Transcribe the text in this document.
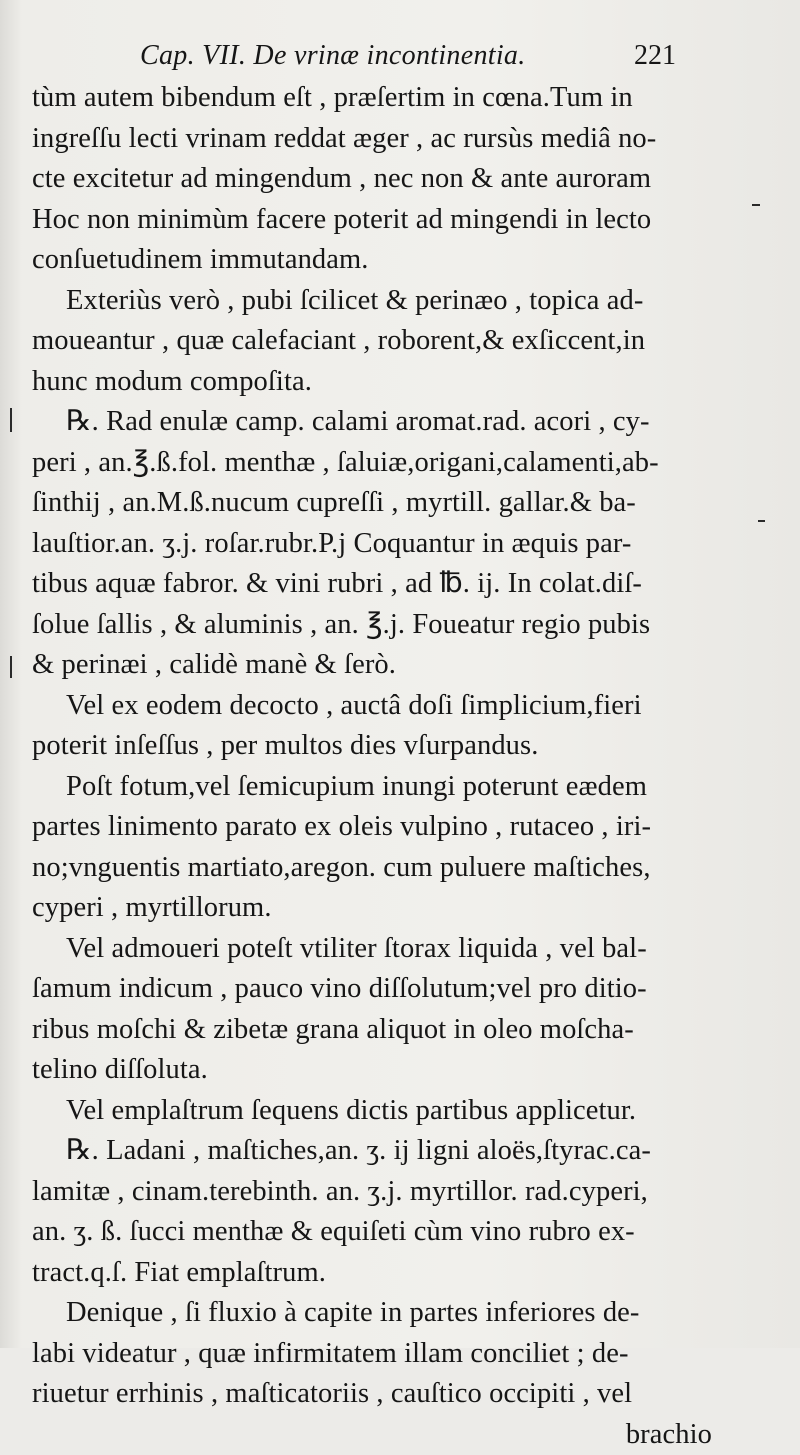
Cap. VII. De vrinæ incontinentia.	221
tùm autem bibendum eſt , præſertim in cœna.Tum in
ingreſſu lecti vrinam reddat æger , ac rursùs mediâ no-
cte excitetur ad mingendum , nec non & ante auroram
Hoc non minimùm facere poterit ad mingendi in lecto
conſuetudinem immutandam.
Exteriùs verò , pubi ſcilicet & perinæo , topica ad-
moueantur , quæ calefaciant , roborent,& exſiccent,in
hunc modum compoſita.
℞. Rad enulæ camp. calami aromat.rad. acori , cy-
peri , an.℥.ß.fol. menthæ , ſaluiæ,origani,calamenti,ab-
ſinthij , an.M.ß.nucum cupreſſi , myrtill. gallar.& ba-
lauſtior.an. ʒ.j. roſar.rubr.P.j Coquantur in æquis par-
tibus aquæ fabror. & vini rubri , ad ℔. ij. In colat.diſ-
ſolue ſallis , & aluminis , an. ℥.j. Foueatur regio pubis
& perinæi , calidè manè & ſerò.
Vel ex eodem decocto , auctâ doſi ſimplicium,fieri
poterit inſeſſus , per multos dies vſurpandus.
Poſt fotum,vel ſemicupium inungi poterunt eædem
partes linimento parato ex oleis vulpino , rutaceo , iri-
no;vnguentis martiato,aregon. cum puluere maſtiches,
cyperi , myrtillorum.
Vel admoueri poteſt vtiliter ſtorax liquida , vel bal-
ſamum indicum , pauco vino diſſolutum;vel pro ditio-
ribus moſchi & zibetæ grana aliquot in oleo moſcha-
telino diſſoluta.
Vel emplaſtrum ſequens dictis partibus applicetur.
℞. Ladani , maſtiches,an. ʒ. ij ligni aloës,ſtyrac.ca-
lamitæ , cinam.terebinth. an. ʒ.j. myrtillor. rad.cyperi,
an. ʒ. ß. ſucci menthæ & equiſeti cùm vino rubro ex-
tract.q.ſ. Fiat emplaſtrum.
Denique , ſi fluxio à capite in partes inferiores de-
labi videatur , quæ infirmitatem illam conciliet ; de-
riuetur errhinis , maſticatoriis , cauſtico occipiti , vel
brachio
